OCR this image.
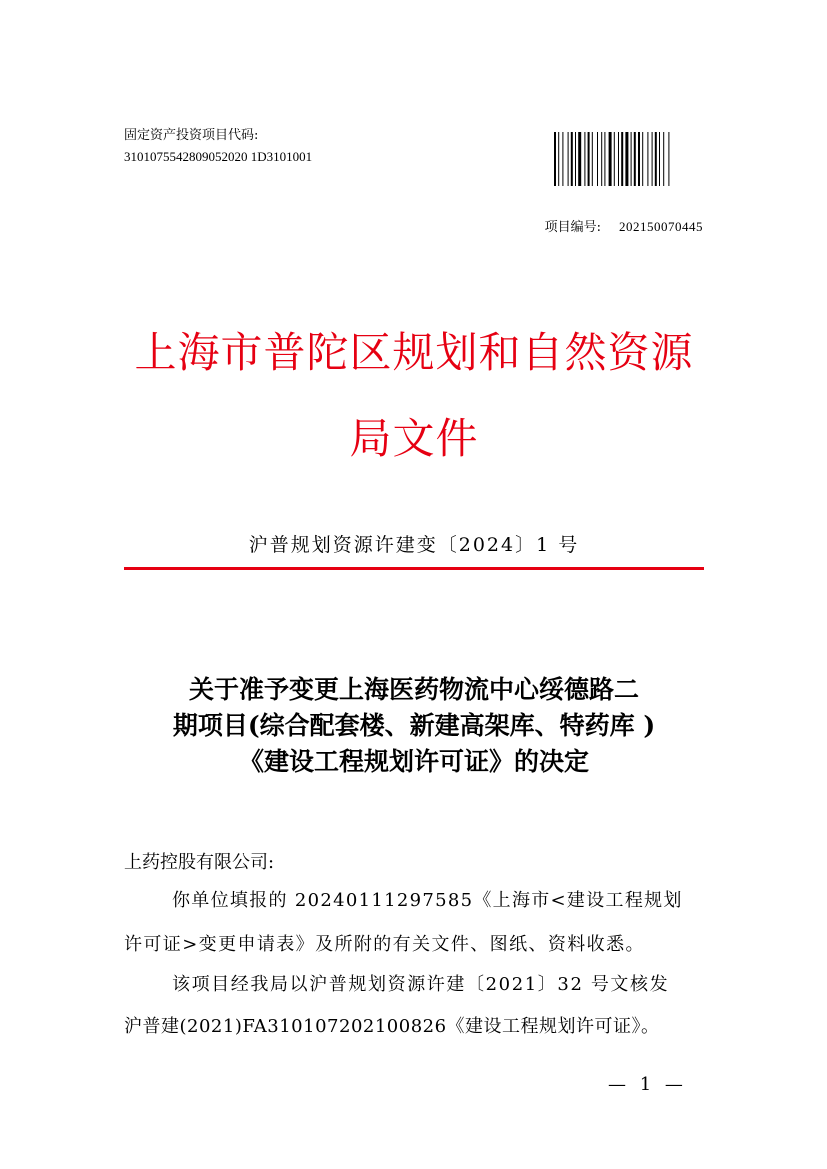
固定资产投资项目代码:
3101075542809052020 1D3101001
项目编号: 202150070445
上海市普陀区规划和自然资源
局文件
沪普规划资源许建变〔2024〕1 号
关于准予变更上海医药物流中心绥德路二
期项目(综合配套楼、新建高架库、特药库 )
《建设工程规划许可证》的决定
上药控股有限公司:
你单位填报的 20240111297585《上海市<建设工程规划
许可证>变更申请表》及所附的有关文件、图纸、资料收悉。
该项目经我局以沪普规划资源许建〔2021〕32 号文核发
沪普建(2021)FA310107202100826《建设工程规划许可证》。
— 1 —
